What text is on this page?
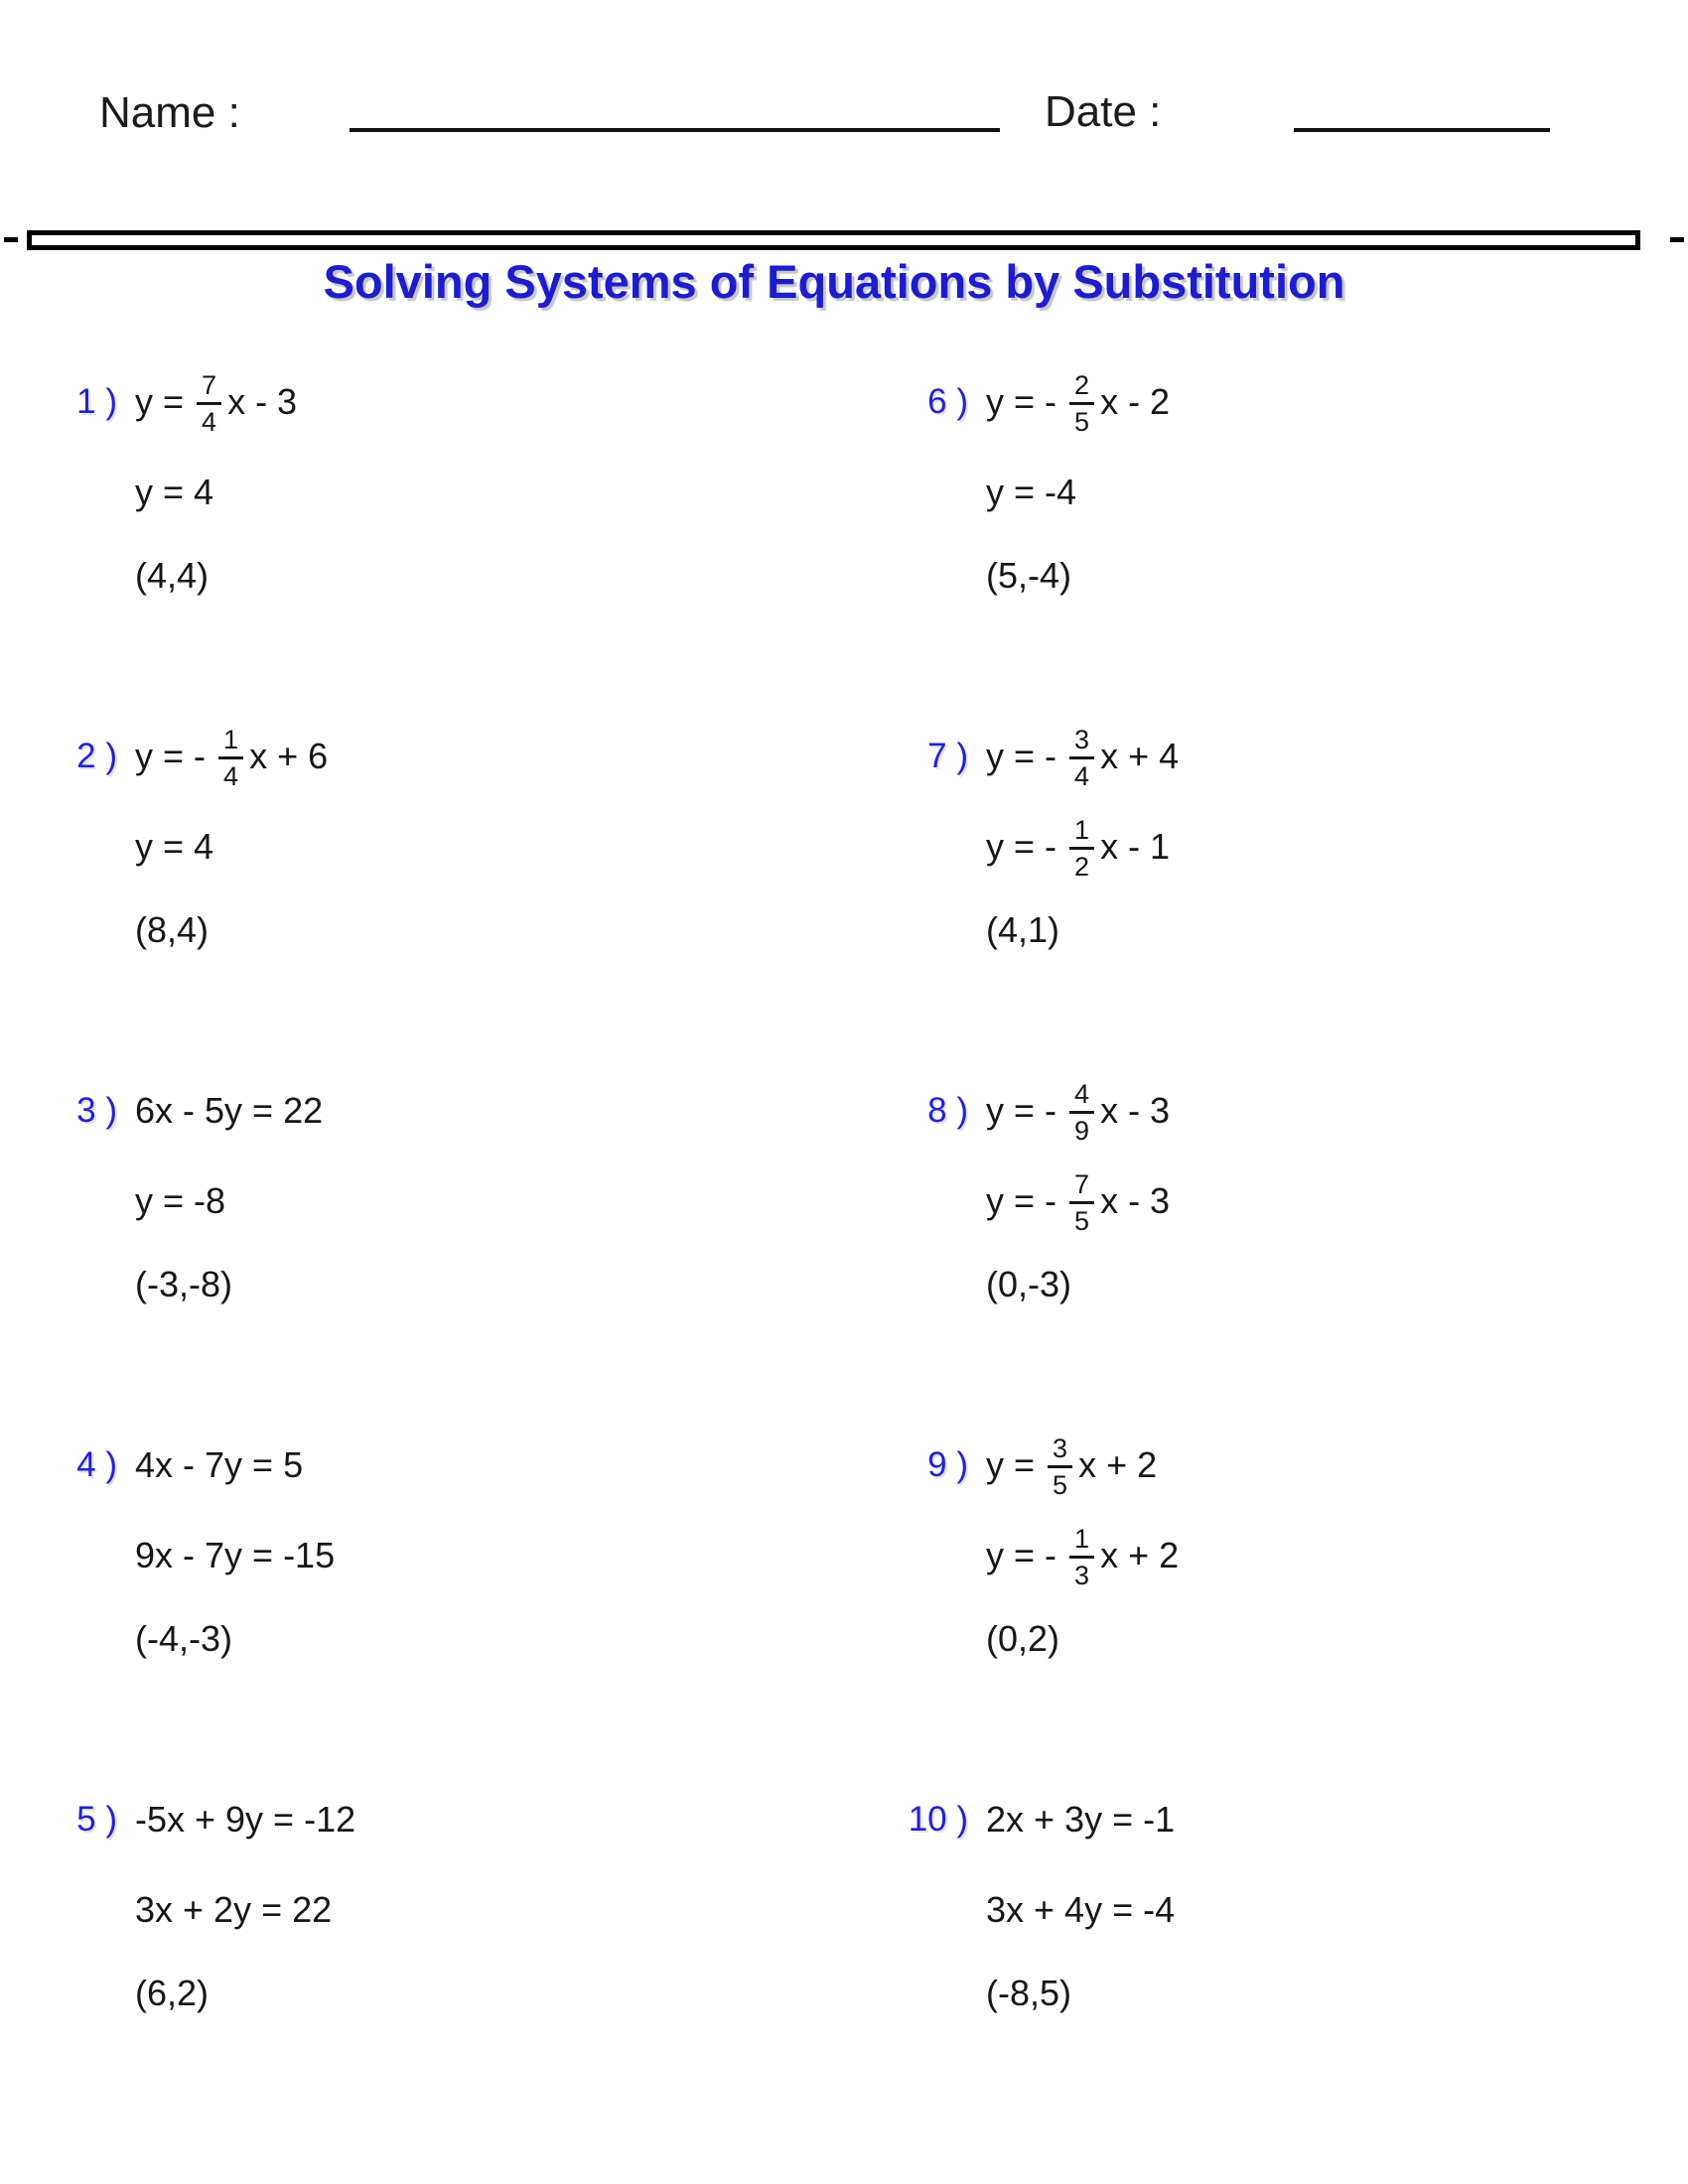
Name :	Date :
Solving Systems of Equations by Substitution
1 ) $y = \frac{7}{4}$ x - 3
y = 4
(4,4)
2 ) y = - $\frac{1}{4}$ x + 6
y = 4
(8,4)
3 ) 6x - 5y = 22
y = -8
(-3,-8)
4 ) 4x - 7y = 5
9x - 7y = -15
(-4,-3)
5 ) -5x + 9y = -12
3x + 2y = 22
(6,2)
6 ) y = - $\frac{2}{5}$ x - 2
y = -4
(5,-4)
7 ) y = - $\frac{3}{4}$ x + 4
y = - $\frac{1}{2}$ x - 1
(4,1)
8 ) y = - $\frac{4}{9}$ x - 3
y = - $\frac{7}{5}$ x - 3
(0,-3)
9 ) $y = \frac{3}{5}$ x + 2
y = - $\frac{1}{3}$ x + 2
(0,2)
10 ) 2x + 3y = -1
3x + 4y = -4
(-8,5)
